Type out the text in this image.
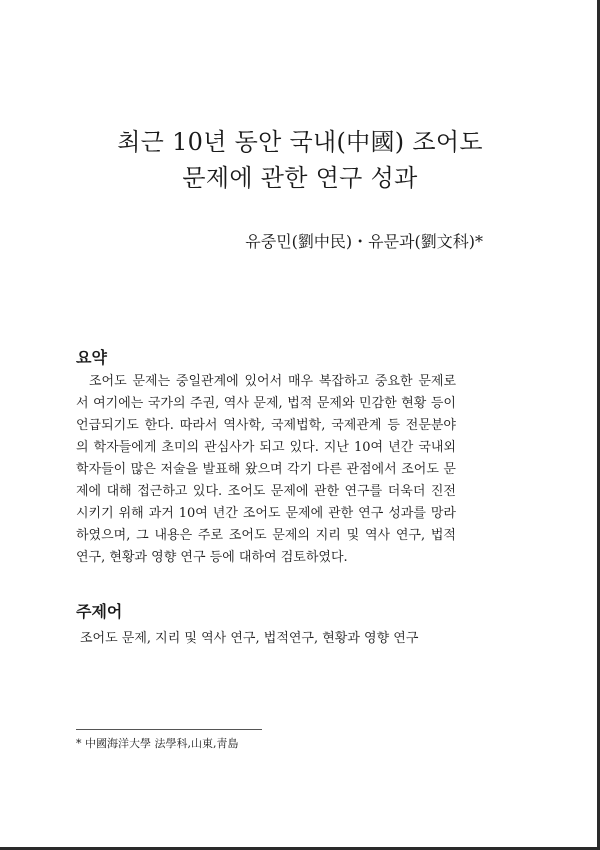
최근 10년 동안 국내(中國) 조어도
문제에 관한 연구 성과
유중민(劉中民)・유문과(劉文科)*
요약

조어도 문제는 중일관계에 있어서 매우 복잡하고 중요한 문제로서 여기에는 국가의 주권, 역사 문제, 법적 문제와 민감한 현황 등이 언급되기도 한다. 따라서 역사학, 국제법학, 국제관계 등 전문분야의 학자들에게 초미의 관심사가 되고 있다. 지난 10여 년간 국내외 학자들이 많은 저술을 발표해 왔으며 각기 다른 관점에서 조어도 문제에 대해 접근하고 있다. 조어도 문제에 관한 연구를 더욱더 진전시키기 위해 과거 10여 년간 조어도 문제에 관한 연구 성과를 망라하였으며, 그 내용은 주로 조어도 문제의 지리 및 역사 연구, 법적 연구, 현황과 영향 연구 등에 대하여 검토하였다.

주제어

조어도 문제, 지리 및 역사 연구, 법적연구, 현황과 영향 연구

* 中國海洋大學 法學科,山東,靑島
